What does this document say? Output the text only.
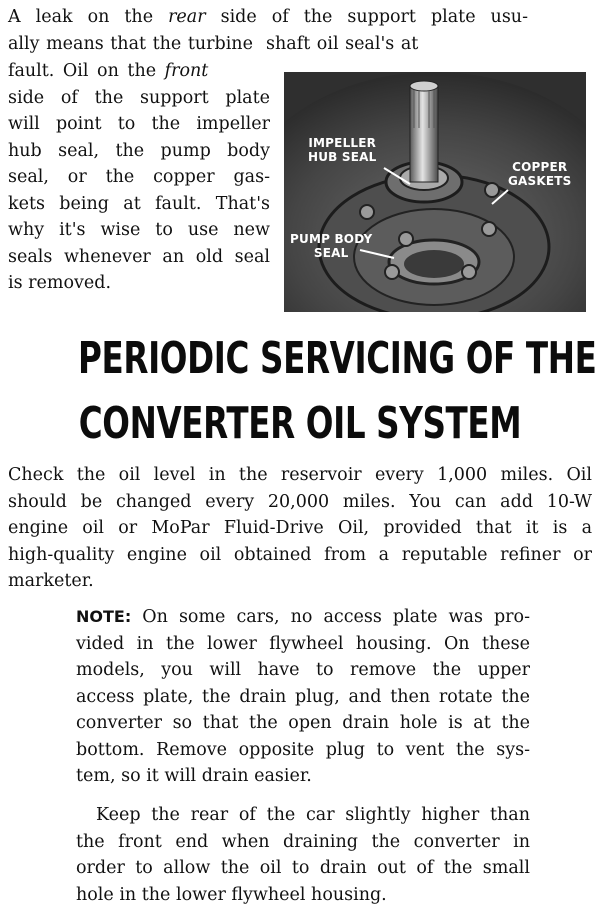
A leak on the rear side of the support plate usu-
ally means that the turbine  shaft oil seal's at
fault. Oil on the front
side of the support plate
will point to the impeller
hub seal, the pump body
seal, or the copper gas-
kets being at fault. That's
why it's wise to use new
seals whenever an old seal
is removed.
IMPELLER
HUB SEAL
COPPER
GASKETS
PUMP BODY
SEAL
PERIODIC SERVICING OF THE
CONVERTER OIL SYSTEM
Check the oil level in the reservoir every 1,000 miles. Oil
should be changed every 20,000 miles. You can add 10-W
engine oil or MoPar Fluid-Drive Oil, provided that it is a
high-quality engine oil obtained from a reputable refiner or
marketer.
NOTE: On some cars, no access plate was pro-
vided in the lower flywheel housing. On these
models, you will have to remove the upper
access plate, the drain plug, and then rotate the
converter so that the open drain hole is at the
bottom. Remove opposite plug to vent the sys-
tem, so it will drain easier.
Keep the rear of the car slightly higher than
the front end when draining the converter in
order to allow the oil to drain out of the small
hole in the lower flywheel housing.
